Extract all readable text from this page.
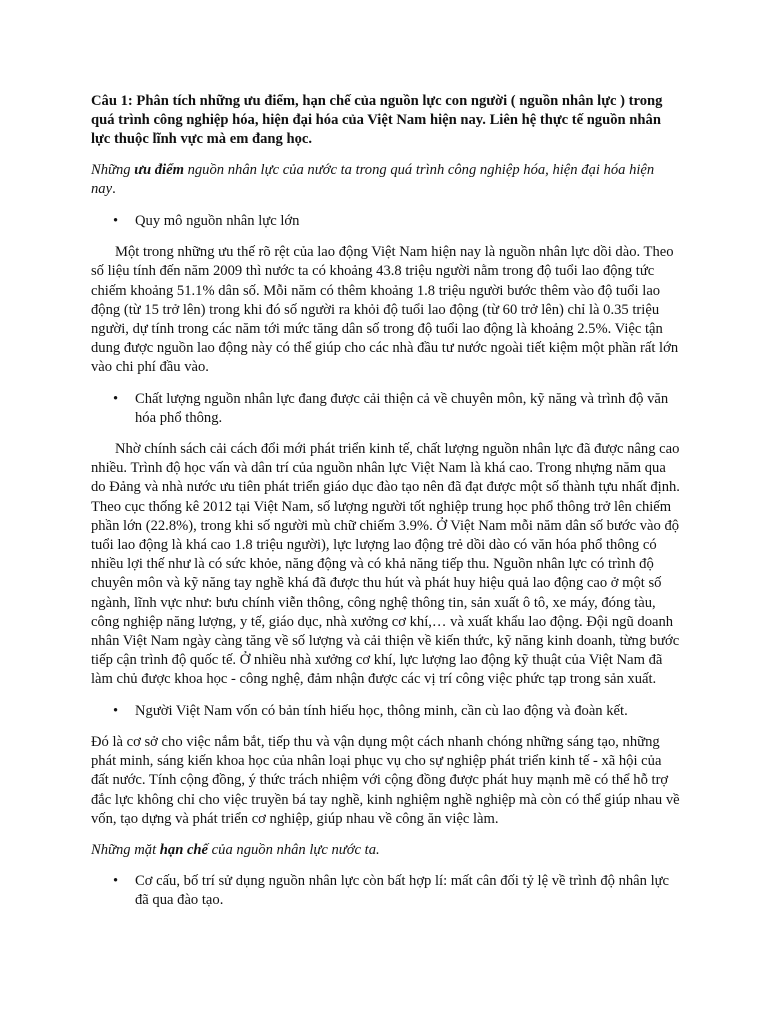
Câu 1: Phân tích những ưu điểm, hạn chế của nguồn lực con người ( nguồn nhân lực ) trong quá trình công nghiệp hóa, hiện đại hóa của Việt Nam hiện nay. Liên hệ thực tế nguồn nhân lực thuộc lĩnh vực mà em đang học.

Những ưu điểm nguồn nhân lực của nước ta trong quá trình công nghiệp hóa, hiện đại hóa hiện nay.

• Quy mô nguồn nhân lực lớn

Một trong những ưu thế rõ rệt của lao động Việt Nam hiện nay là nguồn nhân lực dồi dào. Theo số liệu tính đến năm 2009 thì nước ta có khoảng 43.8 triệu người nằm trong độ tuổi lao động tức chiếm khoảng 51.1% dân số. Mỗi năm có thêm khoảng 1.8 triệu người bước thêm vào độ tuổi lao động (từ 15 trở lên) trong khi đó số người ra khỏi độ tuổi lao động (từ 60 trở lên) chỉ là 0.35 triệu người, dự tính trong các năm tới mức tăng dân số trong độ tuổi lao động là khoảng 2.5%. Việc tận dung được nguồn lao động này có thể giúp cho các nhà đầu tư nước ngoài tiết kiệm một phần rất lớn vào chi phí đầu vào.

• Chất lượng nguồn nhân lực đang được cải thiện cả về chuyên môn, kỹ năng và trình độ văn hóa phổ thông.

Nhờ chính sách cải cách đổi mới phát triển kinh tế, chất lượng nguồn nhân lực đã được nâng cao nhiều. Trình độ học vấn và dân trí của nguồn nhân lực Việt Nam là khá cao. Trong nhựng năm qua do Đảng và nhà nước ưu tiên phát triển giáo dục đào tạo nên đã đạt được một số thành tựu nhất định. Theo cục thống kê 2012 tại Việt Nam, số lượng người tốt nghiệp trung học phổ thông trở lên chiếm phần lớn (22.8%), trong khi số người mù chữ chiếm 3.9%. Ở Việt Nam mỗi năm dân số bước vào độ tuổi lao động là khá cao 1.8 triệu người), lực lượng lao động trẻ dồi dào có văn hóa phổ thông có nhiều lợi thế như là có sức khỏe, năng động và có khả năng tiếp thu. Nguồn nhân lực có trình độ chuyên môn và kỹ năng tay nghề khá đã được thu hút và phát huy hiệu quả lao động cao ở một số ngành, lĩnh vực như: bưu chính viễn thông, công nghệ thông tin, sản xuất ô tô, xe máy, đóng tàu, công nghiệp năng lượng, y tế, giáo dục, nhà xưởng cơ khí,… và xuất khẩu lao động. Đội ngũ doanh nhân Việt Nam ngày càng tăng về số lượng và cải thiện về kiến thức, kỹ năng kinh doanh, từng bước tiếp cận trình độ quốc tế. Ở nhiều nhà xưởng cơ khí, lực lượng lao động kỹ thuật của Việt Nam đã làm chủ được khoa học - công nghệ, đảm nhận được các vị trí công việc phức tạp trong sản xuất.

• Người Việt Nam vốn có bản tính hiếu học, thông minh, cần cù lao động và đoàn kết.

Đó là cơ sở cho việc nắm bắt, tiếp thu và vận dụng một cách nhanh chóng những sáng tạo, những phát minh, sáng kiến khoa học của nhân loại phục vụ cho sự nghiệp phát triển kinh tế - xã hội của đất nước. Tính cộng đồng, ý thức trách nhiệm với cộng đồng được phát huy mạnh mẽ có thể hỗ trợ đắc lực không chỉ cho việc truyền bá tay nghề, kinh nghiệm nghề nghiệp mà còn có thể giúp nhau về vốn, tạo dựng và phát triển cơ nghiệp, giúp nhau về công ăn việc làm.

Những mặt hạn chế của nguồn nhân lực nước ta.

• Cơ cấu, bố trí sử dụng nguồn nhân lực còn bất hợp lí: mất cân đối tỷ lệ về trình độ nhân lực đã qua đào tạo.
